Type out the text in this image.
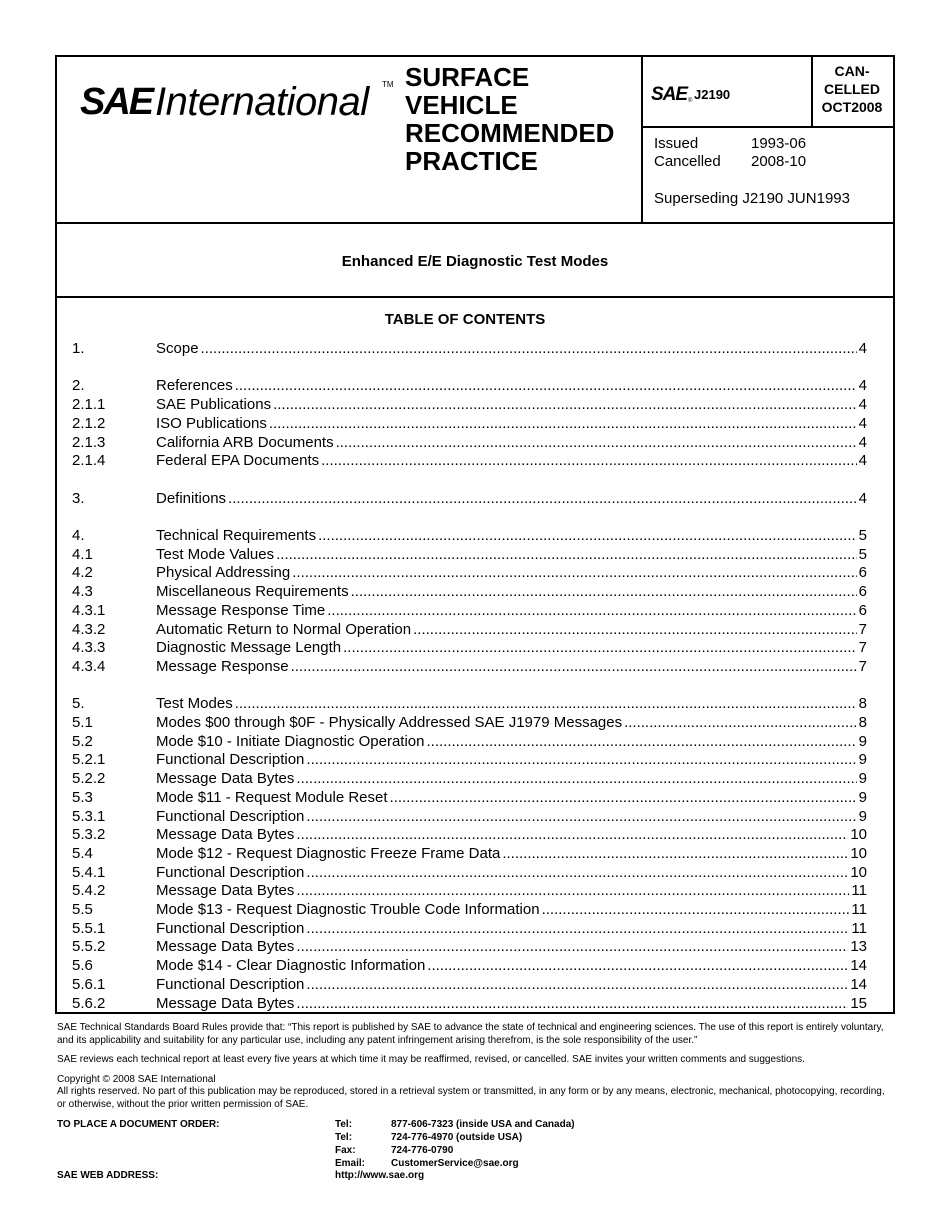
SAE International TM SURFACE
VEHICLE
RECOMMENDED
PRACTICE
SAE ® J2190
CAN-
CELLED
OCT2008
Issued	1993-06
Cancelled 2008-10
Superseding J2190 JUN1993
Enhanced E/E Diagnostic Test Modes
TABLE OF CONTENTS
1.	Scope .....	4
2.	References .....	4
2.1.1	SAE Publications .....	4
2.1.2	ISO Publications .....	4
2.1.3	California ARB Documents .....	4
2.1.4	Federal EPA Documents .....	4
3.	Definitions .....	4
4.	Technical Requirements .....	5
4.1	Test Mode Values .....	5
4.2	Physical Addressing .....	6
4.3	Miscellaneous Requirements .....	6
4.3.1	Message Response Time .....	6
4.3.2	Automatic Return to Normal Operation .....	7
4.3.3	Diagnostic Message Length .....	7
4.3.4	Message Response .....	7
5.	Test Modes .....	8
5.1	Modes $00 through $0F - Physically Addressed SAE J1979 Messages .....	8
5.2	Mode $10 - Initiate Diagnostic Operation .....	9
5.2.1	Functional Description .....	9
5.2.2	Message Data Bytes .....	9
5.3	Mode $11 - Request Module Reset .....	9
5.3.1	Functional Description .....	9
5.3.2	Message Data Bytes .....	10
5.4	Mode $12 - Request Diagnostic Freeze Frame Data .....	10
5.4.1	Functional Description .....	10
5.4.2	Message Data Bytes .....	11
5.5	Mode $13 - Request Diagnostic Trouble Code Information .....	11
5.5.1	Functional Description .....	11
5.5.2	Message Data Bytes .....	13
5.6	Mode $14 - Clear Diagnostic Information .....	14
5.6.1	Functional Description .....	14
5.6.2	Message Data Bytes .....	15
SAE Technical Standards Board Rules provide that: “This report is published by SAE to advance the state of technical and engineering sciences. The use of this report is entirely voluntary, and its applicability and suitability for any particular use, including any patent infringement arising therefrom, is the sole responsibility of the user.”
SAE reviews each technical report at least every five years at which time it may be reaffirmed, revised, or cancelled. SAE invites your written comments and suggestions.
Copyright © 2008 SAE International
All rights reserved. No part of this publication may be reproduced, stored in a retrieval system or transmitted, in any form or by any means, electronic, mechanical, photocopying, recording, or otherwise, without the prior written permission of SAE.
TO PLACE A DOCUMENT ORDER:	Tel:	877-606-7323 (inside USA and Canada)
Tel:	724-776-4970 (outside USA)
Fax:	724-776-0790
Email:	CustomerService@sae.org
SAE WEB ADDRESS:	http://www.sae.org
